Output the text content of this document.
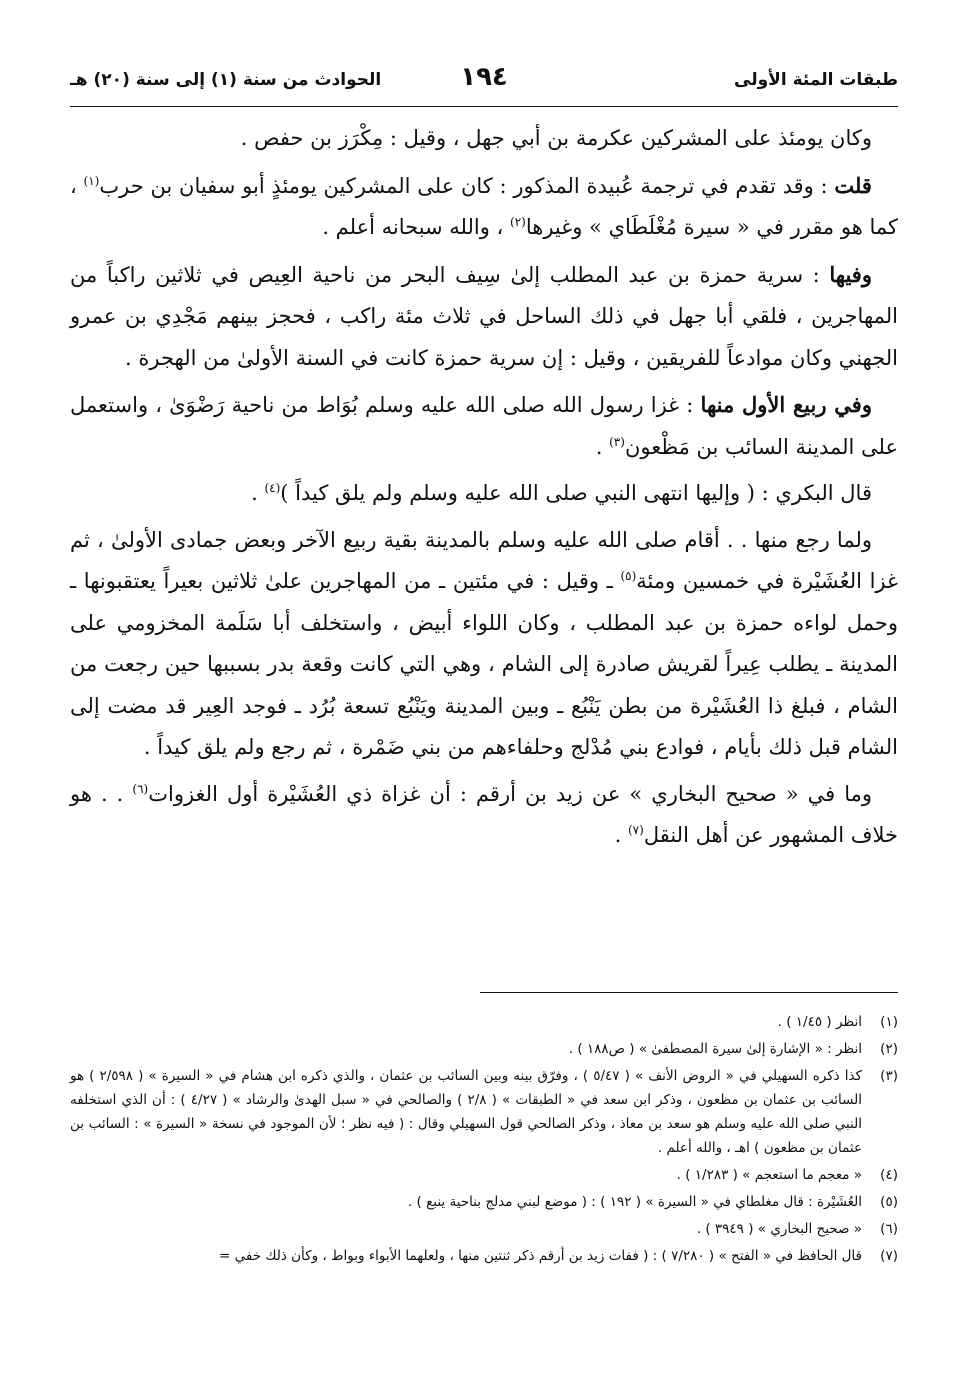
طبقات المئة الأولى
١٩٤
الحوادث من سنة (١) إلى سنة (٢٠) هـ

وكان يومئذ على المشركين عكرمة بن أبي جهل ، وقيل : مِكْرَز بن حفص .

قلت : وقد تقدم في ترجمة عُبيدة المذكور : كان على المشركين يومئذٍ أبو سفيان بن حرب$^{(١)}$ ، كما هو مقرر في « سيرة مُغْلَطَاي » وغيرها$^{(٢)}$ ، والله سبحانه أعلم .

وفيها : سرية حمزة بن عبد المطلب إلىٰ سِيف البحر من ناحية العِيص في ثلاثين راكباً من المهاجرين ، فلقي أبا جهل في ذلك الساحل في ثلاث مئة راكب ، فحجز بينهم مَجْدِي بن عمرو الجهني وكان موادعاً للفريقين ، وقيل : إن سرية حمزة كانت في السنة الأولىٰ من الهجرة .

وفي ربيع الأول منها : غزا رسول الله صلى الله عليه وسلم بُوَاط من ناحية رَضْوَىٰ ، واستعمل على المدينة السائب بن مَظْعون$^{(٣)}$ .

قال البكري : ( وإليها انتهى النبي صلى الله عليه وسلم ولم يلق كيداً )$^{(٤)}$ .

ولما رجع منها . . أقام صلى الله عليه وسلم بالمدينة بقية ربيع الآخر وبعض جمادى الأولىٰ ، ثم غزا العُشَيْرة في خمسين ومئة$^{(٥)}$ ـ وقيل : في مئتين ـ من المهاجرين علىٰ ثلاثين بعيراً يعتقبونها ـ وحمل لواءه حمزة بن عبد المطلب ، وكان اللواء أبيض ، واستخلف أبا سَلَمة المخزومي على المدينة ـ يطلب عِيراً لقريش صادرة إلى الشام ، وهي التي كانت وقعة بدر بسببها حين رجعت من الشام ، فبلغ ذا العُشَيْرة من بطن يَنْبُع ـ وبين المدينة ويَنْبُع تسعة بُرُد ـ فوجد العِير قد مضت إلى الشام قبل ذلك بأيام ، فوادع بني مُدْلج وحلفاءهم من بني ضَمْرة ، ثم رجع ولم يلق كيداً .

وما في « صحيح البخاري » عن زيد بن أرقم : أن غزاة ذي العُشَيْرة أول الغزوات$^{(٦)}$ . . هو خلاف المشهور عن أهل النقل$^{(٧)}$ .

(١)
انظر ( ١/٤٥ ) .
(٢)
انظر : « الإشارة إلىٰ سيرة المصطفىٰ » ( ص١٨٨ ) .
(٣)
كذا ذكره السهيلي في « الروض الأنف » ( ٥/٤٧ ) ، وفرّق بينه وبين السائب بن عثمان ، والذي ذكره ابن هشام في « السيرة » ( ٢/٥٩٨ ) هو السائب بن عثمان بن مظعون ، وذكر ابن سعد في « الطبقات » ( ٢/٨ ) والصالحي في « سبل الهدىٰ والرشاد » ( ٤/٢٧ ) : أن الذي استخلفه النبي صلى الله عليه وسلم هو سعد بن معاذ ، وذكر الصالحي قول السهيلي وقال : ( فيه نظر ؛ لأن الموجود في نسخة « السيرة » : السائب بن عثمان بن مظعون ) اهـ ، والله أعلم .
(٤)
« معجم ما استعجم » ( ١/٢٨٣ ) .
(٥)
العُشَيْرة : قال مغلطاي في « السيرة » ( ١٩٢ ) : ( موضع لبني مدلج بناحية ينبع ) .
(٦)
« صحيح البخاري » ( ٣٩٤٩ ) .
(٧)
قال الحافظ في « الفتح » ( ٧/٢٨٠ ) : ( ففات زيد بن أرقم ذكر ثنتين منها ، ولعلهما الأبواء وبواط ، وكأن ذلك خفي =
